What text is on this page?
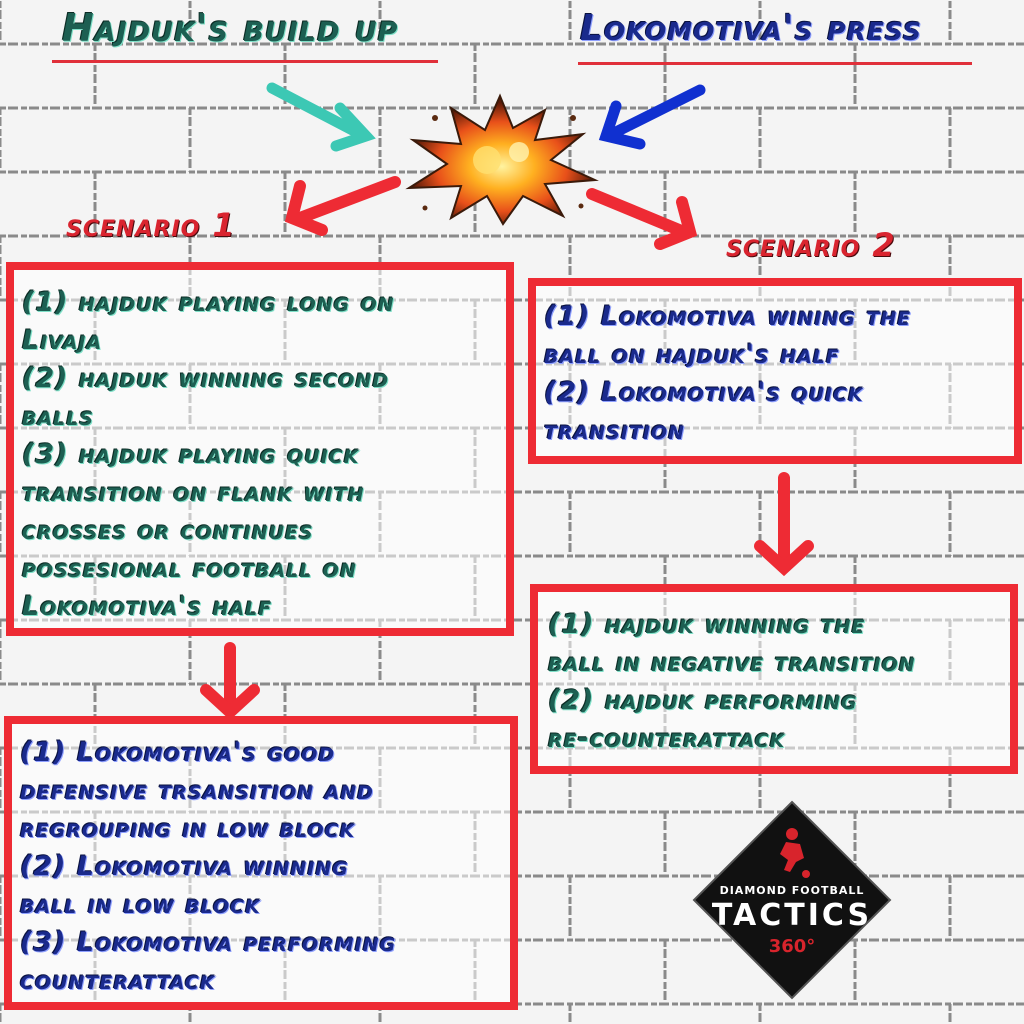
Hajduk's build up	Lokomotiva's press
scenario 1
scenario 2

(1) hajduk playing long on

Livaja

(2) hajduk winning second

balls

(3) hajduk playing quick

transition on flank with

crosses or continues

possesional football on

Lokomotiva's half

(1) Lokomotiva's good

defensive trsansition and

regrouping in low block

(2) Lokomotiva winning

ball in low block

(3) Lokomotiva performing

counterattack

(1) Lokomotiva wining the

ball on hajduk's half

(2) Lokomotiva's quick

transition

(1) hajduk winning the

ball in negative transition

(2) hajduk performing

re-counterattack

DIAMOND FOOTBALL
TACTICS
360°
